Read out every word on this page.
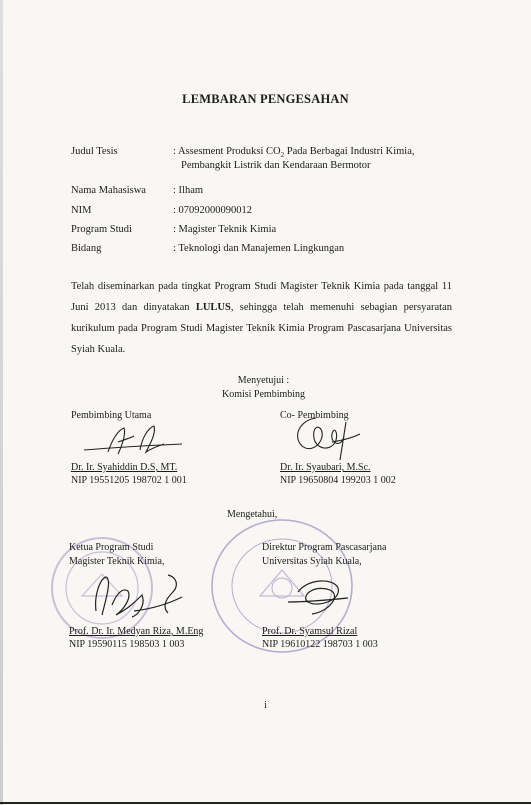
LEMBARAN PENGESAHAN
Judul Tesis	: Assesment Produksi $CO_2$ Pada Berbagai Industri Kimia,
Pembangkit Listrik dan Kendaraan Bermotor
Nama Mahasiswa	: Ilham
NIM	: 07092000090012
Program Studi	: Magister Teknik Kimia
Bidang	: Teknologi dan Manajemen Lingkungan
Telah diseminarkan pada tingkat Program Studi Magister Teknik Kimia pada tanggal 11 Juni 2013 dan dinyatakan LULUS, sehingga telah memenuhi sebagian persyaratan kurikulum pada Program Studi Magister Teknik Kimia Program Pascasarjana Universitas Syiah Kuala.
Menyetujui :
Komisi Pembimbing
Pembimbing Utama
Dr. Ir. Syahiddin D.S, MT.
NIP 19551205 198702 1 001
Co- Pembimbing
Dr. Ir. Syaubari, M.Sc.
NIP 19650804 199203 1 002
Mengetahui,
Ketua Program Studi
Magister Teknik Kimia,
Prof. Dr. Ir. Medyan Riza, M.Eng
NIP 19590115 198503 1 003
Direktur Program Pascasarjana
Universitas Syiah Kuala,
Prof. Dr. Syamsul Rizal
NIP 19610122 198703 1 003
i
